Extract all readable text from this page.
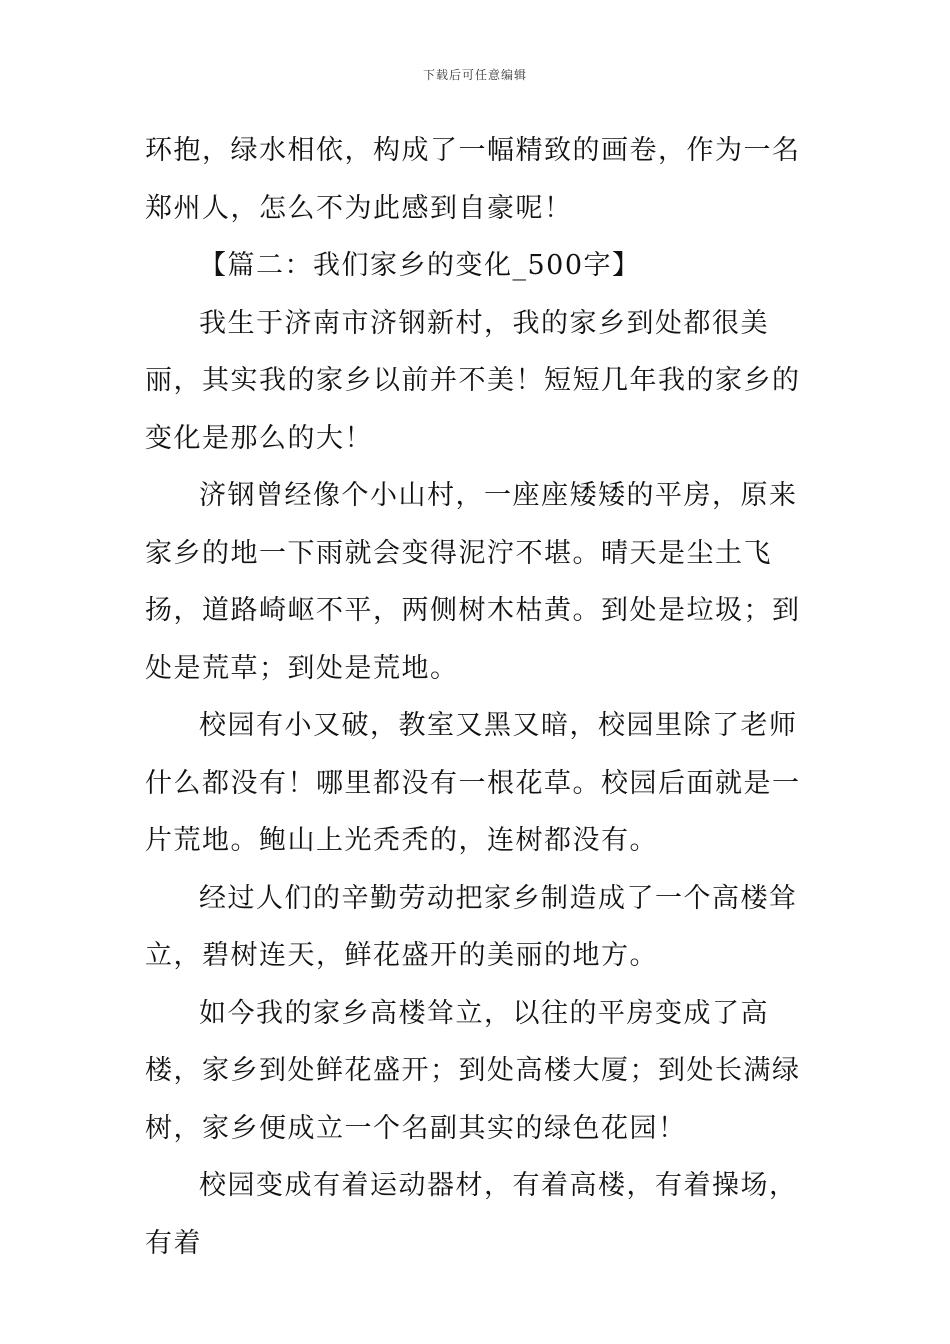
下载后可任意编辑

环抱，绿水相依，构成了一幅精致的画卷，作为一名郑州人，怎么不为此感到自豪呢！

【篇二：我们家乡的变化_500字】

我生于济南市济钢新村，我的家乡到处都很美丽，其实我的家乡以前并不美！短短几年我的家乡的变化是那么的大！

济钢曾经像个小山村，一座座矮矮的平房，原来家乡的地一下雨就会变得泥泞不堪。晴天是尘土飞扬，道路崎岖不平，两侧树木枯黄。到处是垃圾；到处是荒草；到处是荒地。

校园有小又破，教室又黑又暗，校园里除了老师什么都没有！哪里都没有一根花草。校园后面就是一片荒地。鲍山上光秃秃的，连树都没有。

经过人们的辛勤劳动把家乡制造成了一个高楼耸立，碧树连天，鲜花盛开的美丽的地方。

如今我的家乡高楼耸立，以往的平房变成了高楼，家乡到处鲜花盛开；到处高楼大厦；到处长满绿树，家乡便成立一个名副其实的绿色花园！

校园变成有着运动器材，有着高楼，有着操场，有着
